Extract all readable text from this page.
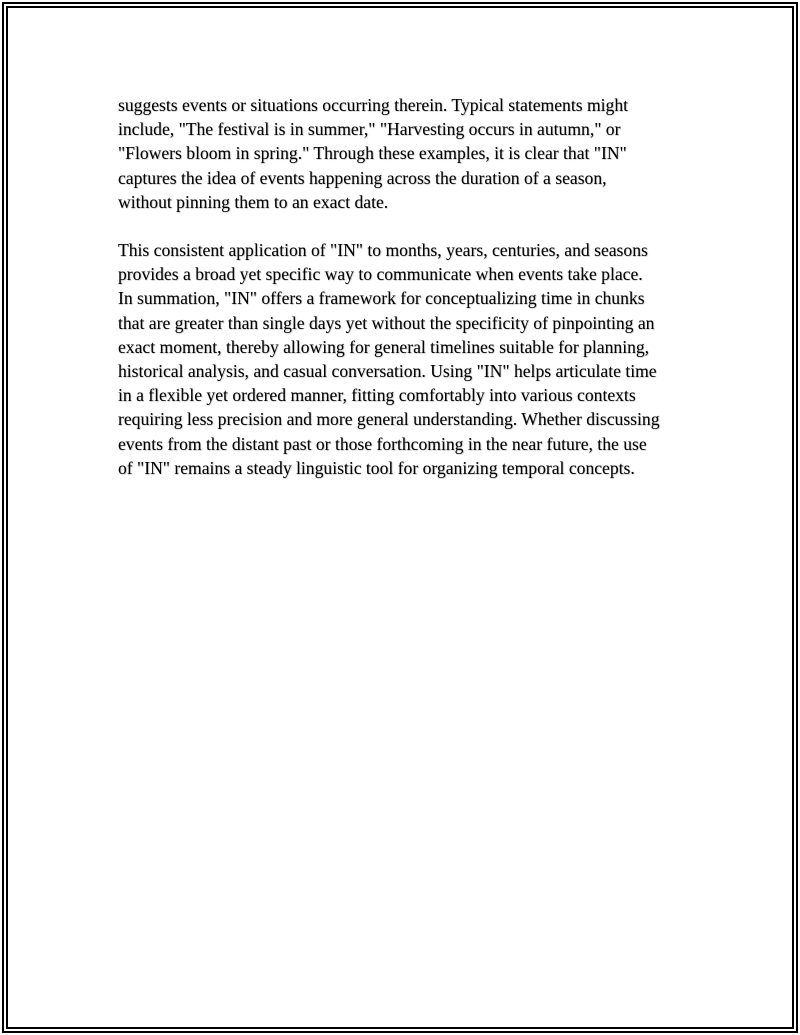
suggests events or situations occurring therein. Typical statements might
include, "The festival is in summer," "Harvesting occurs in autumn," or
"Flowers bloom in spring." Through these examples, it is clear that "IN"
captures the idea of events happening across the duration of a season,
without pinning them to an exact date.

This consistent application of "IN" to months, years, centuries, and seasons
provides a broad yet specific way to communicate when events take place.
In summation, "IN" offers a framework for conceptualizing time in chunks
that are greater than single days yet without the specificity of pinpointing an
exact moment, thereby allowing for general timelines suitable for planning,
historical analysis, and casual conversation. Using "IN" helps articulate time
in a flexible yet ordered manner, fitting comfortably into various contexts
requiring less precision and more general understanding. Whether discussing
events from the distant past or those forthcoming in the near future, the use
of "IN" remains a steady linguistic tool for organizing temporal concepts.
